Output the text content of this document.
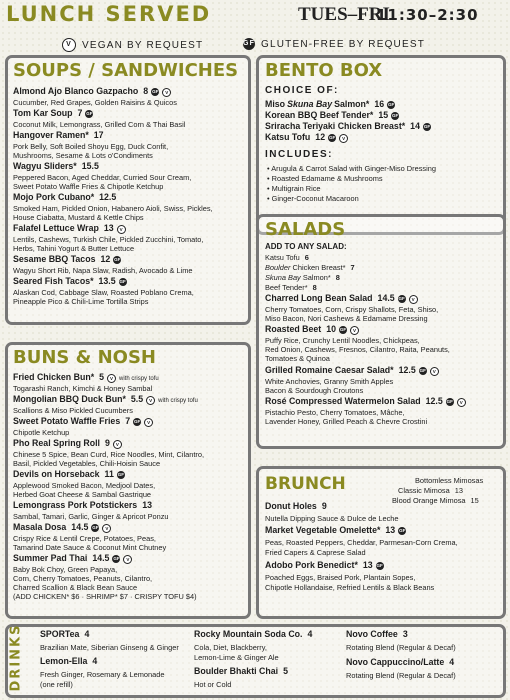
LUNCH SERVED	TUES–FRI
11:30–2:30
V	VEGAN BY REQUEST	GF GLUTEN-FREE BY REQUEST
SOUPS / SANDWICHES
Almond Ajo Blanco Gazpacho 8 GF V
Cucumber, Red Grapes, Golden Raisins & Quicos
Tom Kar Soup 7 GF
Coconut Milk, Lemongrass, Grilled Corn & Thai Basil
Hangover Ramen* 17
Pork Belly, Soft Boiled Shoyu Egg, Duck Confit,
Mushrooms, Sesame & Lots o'Condiments
Wagyu Sliders* 15.5
Peppered Bacon, Aged Cheddar, Curried Sour Cream,
Sweet Potato Waffle Fries & Chipotle Ketchup
Mojo Pork Cubano* 12.5
Smoked Ham, Pickled Onion, Habanero Aioli, Swiss, Pickles,
House Ciabatta, Mustard & Kettle Chips
Falafel Lettuce Wrap 13 V
Lentils, Cashews, Turkish Chile, Pickled Zucchini, Tomato,
Herbs, Tahini Yogurt & Butter Lettuce
Sesame BBQ Tacos 12 GF
Wagyu Short Rib, Napa Slaw, Radish, Avocado & Lime
Seared Fish Tacos* 13.5 GF
Alaskan Cod, Cabbage Slaw, Roasted Poblano Crema,
Pineapple Pico & Chili-Lime Tortilla Strips
BENTO BOX
CHOICE OF:
Miso Skuna Bay Salmon* 16 GF
Korean BBQ Beef Tender* 15 GF
Sriracha Teriyaki Chicken Breast* 14 GF
Katsu Tofu 12 GF V
INCLUDES:
• Arugula & Carrot Salad with Ginger-Miso Dressing
• Roasted Edamame & Mushrooms
• Multigrain Rice
• Ginger-Coconut Macaroon
SALADS
ADD TO ANY SALAD:
Katsu Tofu 6
Boulder Chicken Breast* 7
Skuna Bay Salmon* 8
Beef Tender* 8
Charred Long Bean Salad 14.5 GF V
Cherry Tomatoes, Corn, Crispy Shallots, Feta, Shiso,
Miso Bacon, Nori Cashews & Edamame Dressing
Roasted Beet 10 GF V
Puffy Rice, Crunchy Lentil Noodles, Chickpeas,
Red Onion, Cashews, Fresnos, Cilantro, Raita, Peanuts,
Tomatoes & Quinoa
Grilled Romaine Caesar Salad* 12.5 GF V
White Anchovies, Granny Smith Apples
Bacon & Sourdough Croutons
Rosé Compressed Watermelon Salad 12.5 GF V
Pistachio Pesto, Cherry Tomatoes, Mâche,
Lavender Honey, Grilled Peach & Chevre Crostini
BUNS & NOSH
Fried Chicken Bun* 5 V with crispy tofu
Togarashi Ranch, Kimchi & Honey Sambal
Mongolian BBQ Duck Bun* 5.5 V with crispy tofu
Scallions & Miso Pickled Cucumbers
Sweet Potato Waffle Fries 7 GF V
Chipotle Ketchup
Pho Real Spring Roll 9 V
Chinese 5 Spice, Bean Curd, Rice Noodles, Mint, Cilantro,
Basil, Pickled Vegetables, Chili-Hoisin Sauce
Devils on Horseback 11 GF
Applewood Smoked Bacon, Medjool Dates,
Herbed Goat Cheese & Sambal Gastrique
Lemongrass Pork Potstickers 13
Sambal, Tamari, Garlic, Ginger & Apricot Ponzu
Masala Dosa 14.5 GF V
Crispy Rice & Lentil Crepe, Potatoes, Peas,
Tamarind Date Sauce & Coconut Mint Chutney
Summer Pad Thai 14.5 GF V
Baby Bok Choy, Green Papaya,
Corn, Cherry Tomatoes, Peanuts, Cilantro,
Charred Scallion & Black Bean Sauce
(ADD CHICKEN* $6 · SHRIMP* $7 · CRISPY TOFU $4)
BRUNCH	Bottomless Mimosas
Classic Mimosa 13
Blood Orange Mimosa 15
Donut Holes 9
Nutella Dipping Sauce & Dulce de Leche
Market Vegetable Omelette* 13 GF
Peas, Roasted Peppers, Cheddar, Parmesan-Corn Crema,
Fried Capers & Caprese Salad
Adobo Pork Benedict* 13 GF
Poached Eggs, Braised Pork, Plantain Sopes,
Chipotle Hollandaise, Refried Lentils & Black Beans
DRINKS SPORTea 4
Brazilian Mate, Siberian Ginseng & Ginger
Lemon-Ella 4
Fresh Ginger, Rosemary & Lemonade
(one refill)
Rocky Mountain Soda Co. 4
Cola, Diet, Blackberry,
Lemon-Lime & Ginger Ale
Boulder Bhakti Chai 5
Hot or Cold
Novo Coffee 3
Rotating Blend (Regular & Decaf)
Novo Cappuccino/Latte 4
Rotating Blend (Regular & Decaf)
